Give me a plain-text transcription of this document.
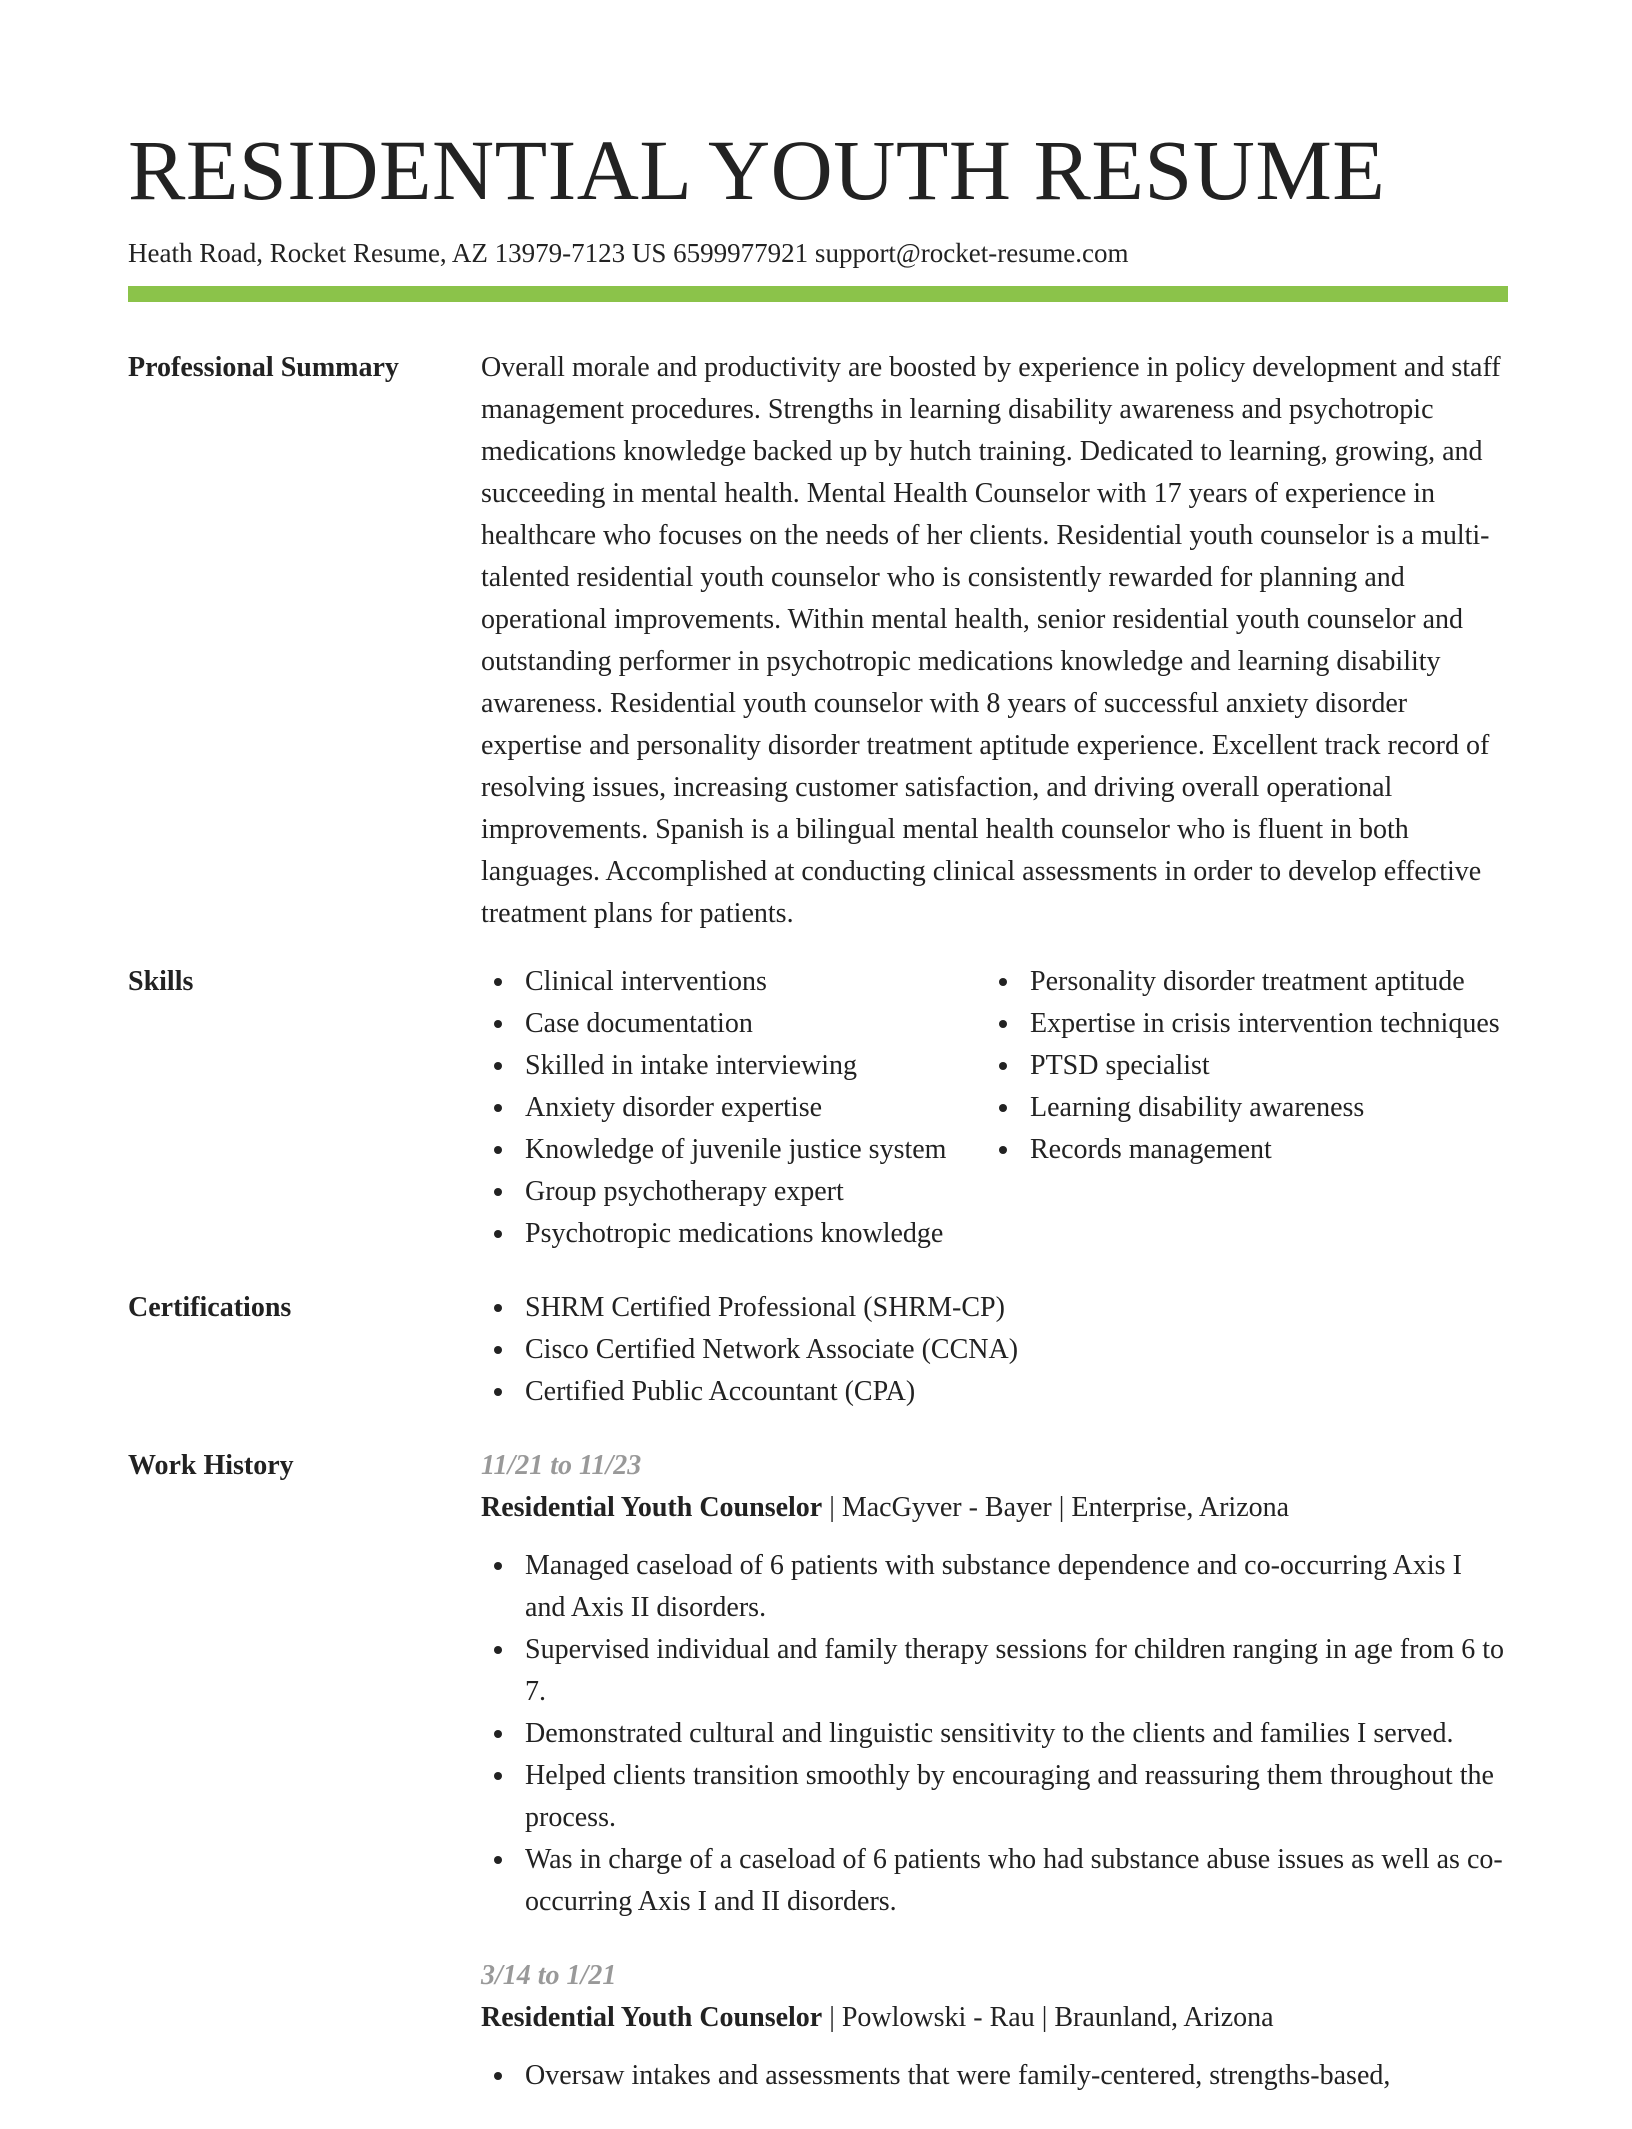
RESIDENTIAL YOUTH RESUME
Heath Road, Rocket Resume, AZ 13979-7123 US 6599977921 support@rocket-resume.com
Professional Summary	Overall morale and productivity are boosted by experience in policy development and staff management procedures. Strengths in learning disability awareness and psychotropic medications knowledge backed up by hutch training. Dedicated to learning, growing, and succeeding in mental health. Mental Health Counselor with 17 years of experience in healthcare who focuses on the needs of her clients. Residential youth counselor is a multi-talented residential youth counselor who is consistently rewarded for planning and operational improvements. Within mental health, senior residential youth counselor and outstanding performer in psychotropic medications knowledge and learning disability awareness. Residential youth counselor with 8 years of successful anxiety disorder expertise and personality disorder treatment aptitude experience. Excellent track record of resolving issues, increasing customer satisfaction, and driving overall operational improvements. Spanish is a bilingual mental health counselor who is fluent in both languages. Accomplished at conducting clinical assessments in order to develop effective treatment plans for patients.

Skills	Clinical interventions
Case documentation
Skilled in intake interviewing
Anxiety disorder expertise
Knowledge of juvenile justice system
Group psychotherapy expert
Psychotropic medications knowledge
Personality disorder treatment aptitude
Expertise in crisis intervention techniques
PTSD specialist
Learning disability awareness
Records management
Certifications	SHRM Certified Professional (SHRM-CP)
Cisco Certified Network Associate (CCNA)
Certified Public Accountant (CPA)
Work History	11/21 to 11/23
Residential Youth Counselor | MacGyver - Bayer | Enterprise, Arizona
Managed caseload of 6 patients with substance dependence and co-occurring Axis I and Axis II disorders.
Supervised individual and family therapy sessions for children ranging in age from 6 to 7.
Demonstrated cultural and linguistic sensitivity to the clients and families I served.
Helped clients transition smoothly by encouraging and reassuring them throughout the process.
Was in charge of a caseload of 6 patients who had substance abuse issues as well as co-occurring Axis I and II disorders.
3/14 to 1/21
Residential Youth Counselor | Powlowski - Rau | Braunland, Arizona
Oversaw intakes and assessments that were family-centered, strengths-based,
